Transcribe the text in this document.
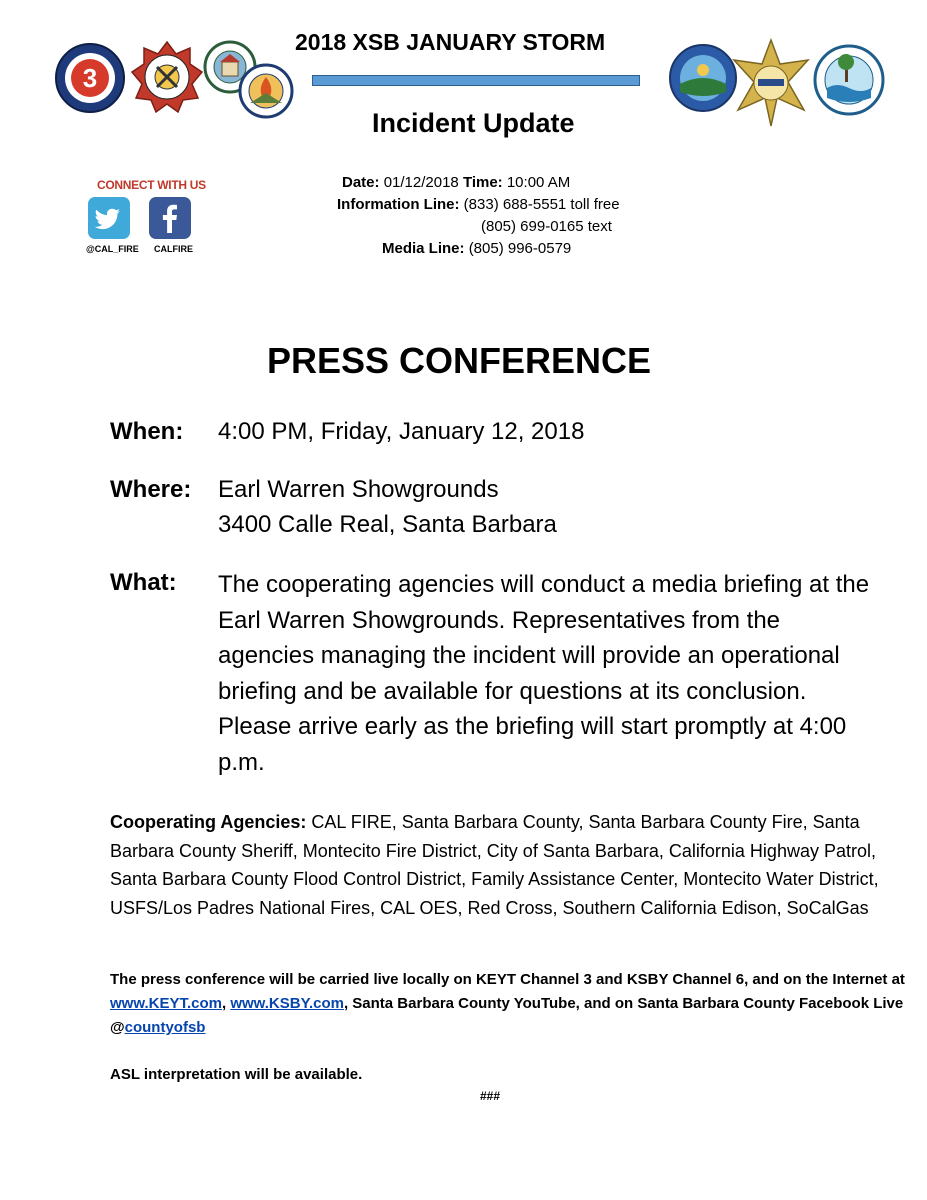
2018 XSB JANUARY STORM
Incident Update
3
CONNECT WITH US
@CAL_FIRE CALFIRE
Date: 01/12/2018 Time: 10:00 AM
Information Line: (833) 688-5551 toll free
(805) 699-0165 text
Media Line: (805) 996-0579
PRESS CONFERENCE
When: 4:00 PM, Friday, January 12, 2018
Where: Earl Warren Showgrounds
3400 Calle Real, Santa Barbara
What: The cooperating agencies will conduct a media briefing at the Earl Warren Showgrounds. Representatives from the agencies managing the incident will provide an operational briefing and be available for questions at its conclusion. Please arrive early as the briefing will start promptly at 4:00 p.m.
Cooperating Agencies: CAL FIRE, Santa Barbara County, Santa Barbara County Fire, Santa Barbara County Sheriff, Montecito Fire District, City of Santa Barbara, California Highway Patrol, Santa Barbara County Flood Control District, Family Assistance Center, Montecito Water District, USFS/Los Padres National Fires, CAL OES, Red Cross, Southern California Edison, SoCalGas
The press conference will be carried live locally on KEYT Channel 3 and KSBY Channel 6, and on the Internet at www.KEYT.com, www.KSBY.com, Santa Barbara County YouTube, and on Santa Barbara County Facebook Live @countyofsb
ASL interpretation will be available.
###
